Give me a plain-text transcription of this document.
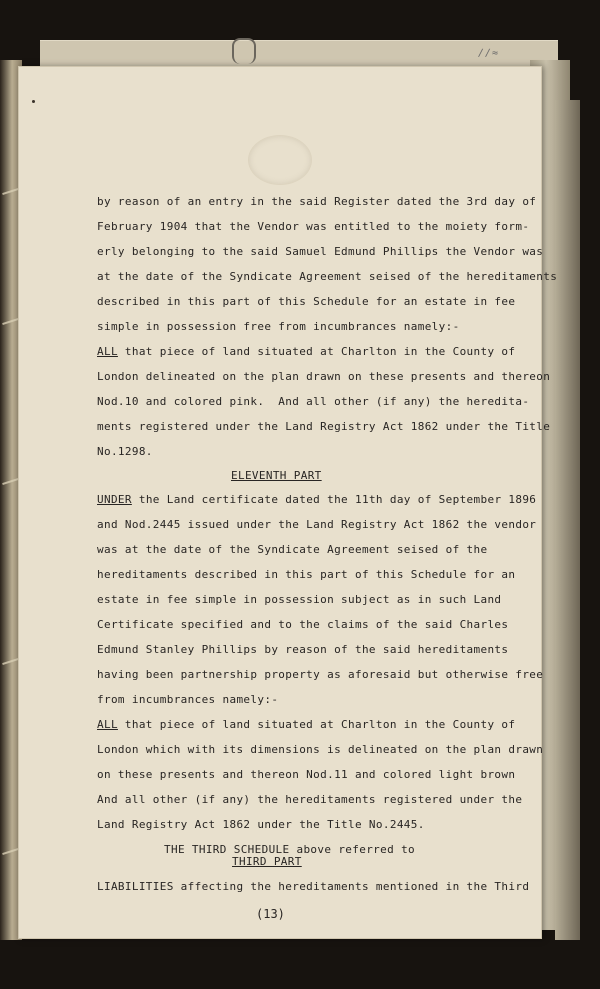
∕∕≈

by reason of an entry in the said Register dated the 3rd day of

February 1904 that the Vendor was entitled to the moiety form-

erly belonging to the said Samuel Edmund Phillips the Vendor was

at the date of the Syndicate Agreement seised of the hereditaments

described in this part of this Schedule for an estate in fee

simple in possession free from incumbrances namely:-

ALL that piece of land situated at Charlton in the County of

London delineated on the plan drawn on these presents and thereon

Nod.10 and colored pink.  And all other (if any) the heredita-

ments registered under the Land Registry Act 1862 under the Title

No.1298.

ELEVENTH PART

UNDER the Land certificate dated the 11th day of September 1896

and Nod.2445 issued under the Land Registry Act 1862 the vendor

was at the date of the Syndicate Agreement seised of the

hereditaments described in this part of this Schedule for an

estate in fee simple in possession subject as in such Land

Certificate specified and to the claims of the said Charles

Edmund Stanley Phillips by reason of the said hereditaments

having been partnership property as aforesaid but otherwise free

from incumbrances namely:-

ALL that piece of land situated at Charlton in the County of

London which with its dimensions is delineated on the plan drawn

on these presents and thereon Nod.11 and colored light brown

And all other (if any) the hereditaments registered under the

Land Registry Act 1862 under the Title No.2445.

THE THIRD SCHEDULE above referred to

THIRD PART

LIABILITIES affecting the hereditaments mentioned in the Third

(13)
